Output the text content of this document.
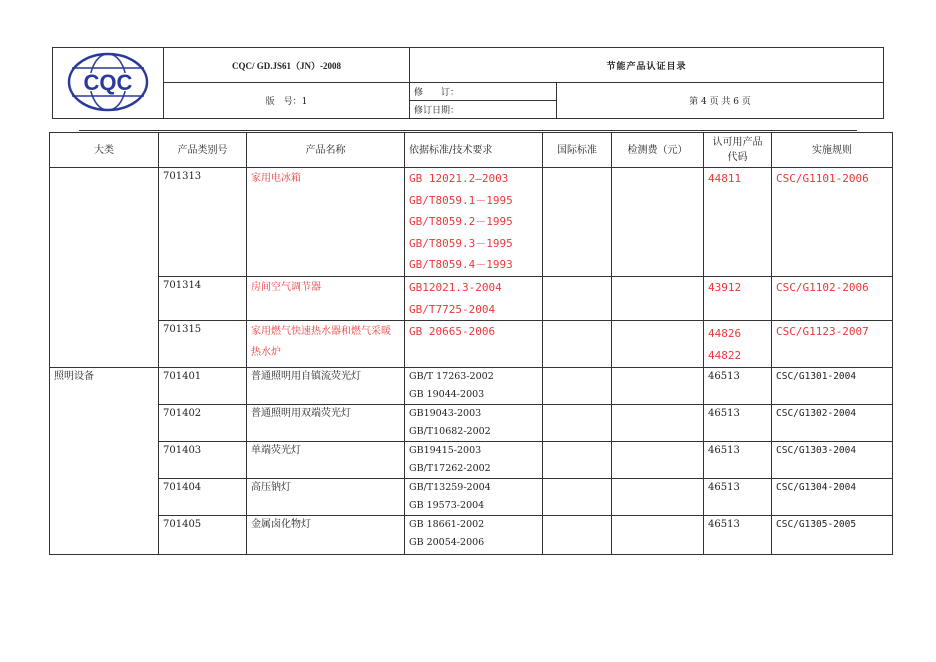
CQC	CQC/ GD.JS61（JN）-2008	节能产品认证目录	
	版　号：1	修　　订：	第 4 页 共 6 页
		修订日期：	
大类	产品类别号	产品名称	依据标准/技术要求	国际标准	检测费（元）	认可用产品代码	实施规则
	701313	家用电冰箱	GB 12021.2—2003
GB/T8059.1－1995
GB/T8059.2－1995
GB/T8059.3－1995
GB/T8059.4－1993			44811	CSC/G1101-2006
	701314	房间空气调节器	GB12021.3-2004
GB/T7725-2004			43912	CSC/G1102-2006
	701315	家用燃气快速热水器和燃气采暖热水炉	GB 20665-2006			44826
44822	CSC/G1123-2007
照明设备	701401	普通照明用自镇流荧光灯	GB/T 17263-2002
GB 19044-2003			46513	CSC/G1301-2004
	701402	普通照明用双端荧光灯	GB19043-2003
GB/T10682-2002			46513	CSC/G1302-2004
	701403	单端荧光灯	GB19415-2003
GB/T17262-2002			46513	CSC/G1303-2004
	701404	高压钠灯	GB/T13259-2004
GB 19573-2004			46513	CSC/G1304-2004
	701405	金属卤化物灯	GB 18661-2002
GB 20054-2006			46513	CSC/G1305-2005
